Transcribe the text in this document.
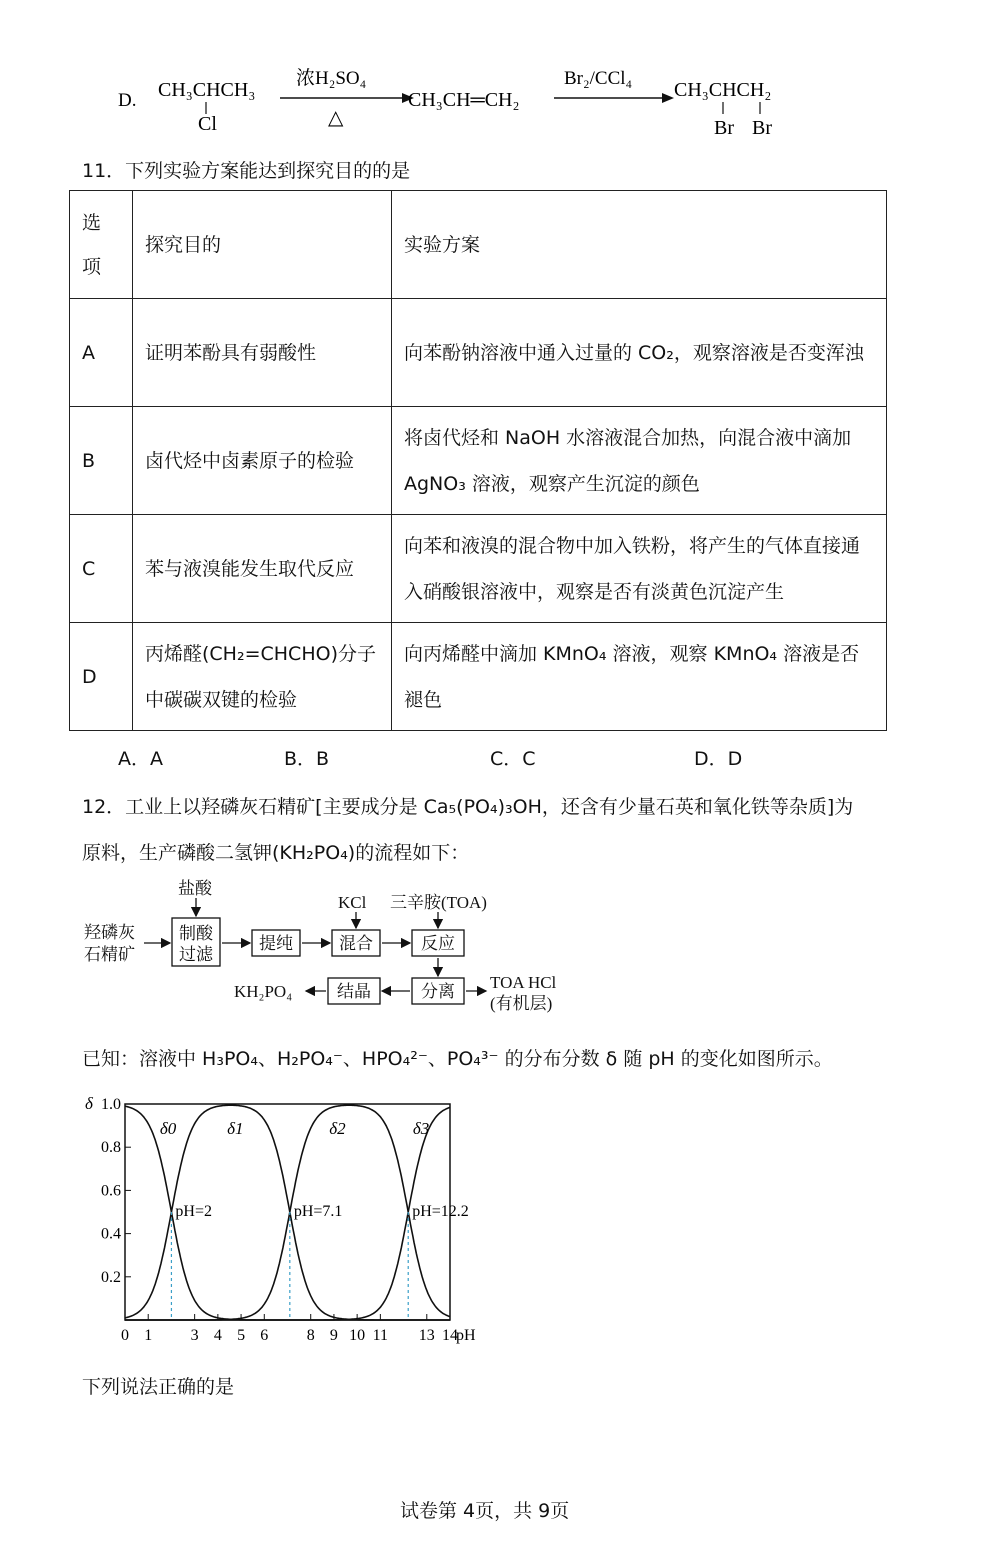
D. CH₃CHCH₃
Cl
浓H₂SO₄
△
CH₃CH═CH₂
Br₂/CCl₄
CH₃CHCH₂
Br Br
11．下列实验方案能达到探究目的的是
选项	探究目的	实验方案
A	证明苯酚具有弱酸性	向苯酚钠溶液中通入过量的 CO₂，观察溶液是否变浑浊
B	卤代烃中卤素原子的检验	将卤代烃和 NaOH 水溶液混合加热，向混合液中滴加 AgNO₃ 溶液，观察产生沉淀的颜色
C	苯与液溴能发生取代反应	向苯和液溴的混合物中加入铁粉，将产生的气体直接通入硝酸银溶液中，观察是否有淡黄色沉淀产生
D	丙烯醛(CH₂=CHCHO)分子中碳碳双键的检验	向丙烯醛中滴加 KMnO₄ 溶液，观察 KMnO₄ 溶液是否褪色
A．A	B．B	C．C	D．D
12．工业上以羟磷灰石精矿[主要成分是 Ca₅(PO₄)₃OH，还含有少量石英和氧化铁等杂质]为
原料，生产磷酸二氢钾(KH₂PO₄)的流程如下：
羟磷灰
石精矿
盐酸
制酸
过滤
提纯	混合	反应
分离
结晶
KCl 三辛胺(TOA)
KH₂PO₄	TOA HCl
(有机层)
已知：溶液中 H₃PO₄、H₂PO₄⁻、HPO₄²⁻、PO₄³⁻ 的分布分数 δ 随 pH 的变化如图所示。
0.2
0.4
0.6
0.8
1.0
δ
0 1 3 4 5 6 8 9 10 11 13 14
pH
δ0	δ1	δ2	δ3
pH=2	pH=7.1	pH=12.2
下列说法正确的是
试卷第 4页，共 9页
